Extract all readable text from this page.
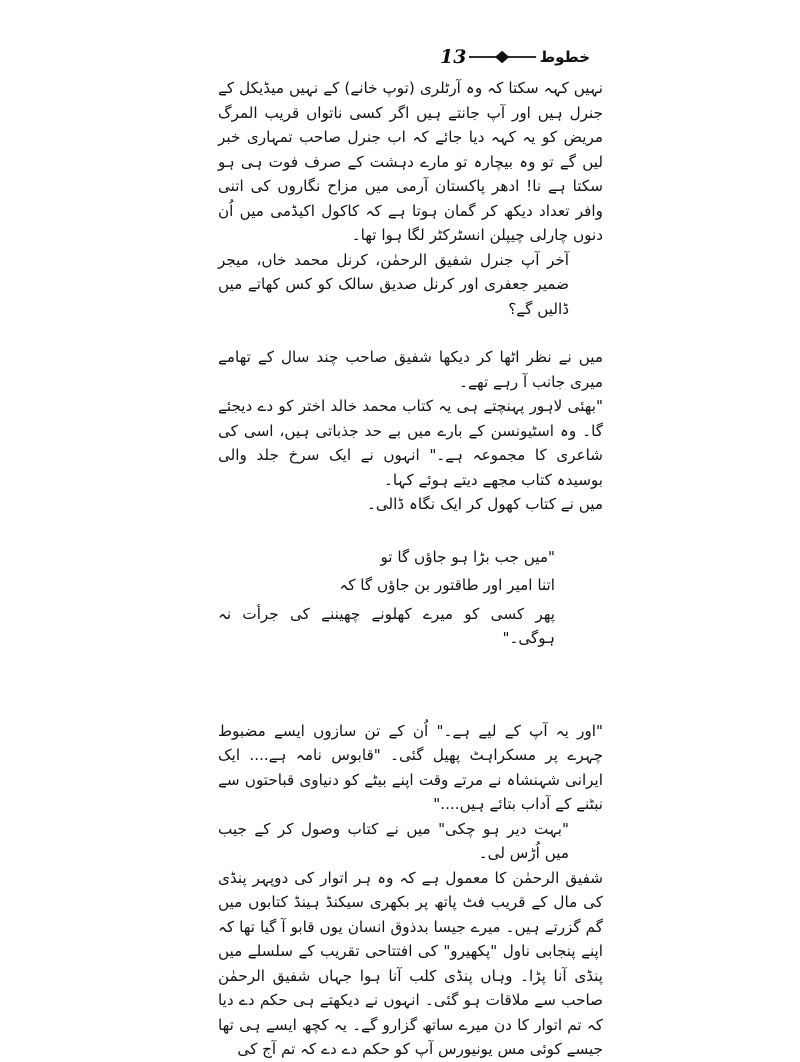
13	خطوط

نہیں کہہ سکتا کہ وہ آرٹلری (توپ خانے) کے نہیں میڈیکل کے جنرل ہیں اور آپ جانتے ہیں اگر کسی ناتواں قریب المرگ مریض کو یہ کہہ دیا جائے کہ اب جنرل صاحب تمہاری خبر لیں گے تو وہ بیچارہ تو مارے دہشت کے صرف فوت ہی ہو سکتا ہے نا! ادھر پاکستان آرمی میں مزاح نگاروں کی اتنی وافر تعداد دیکھ کر گمان ہوتا ہے کہ کاکول اکیڈمی میں اُن دنوں چارلی چیپلن انسٹرکٹر لگا ہوا تھا۔

آخر آپ جنرل شفیق الرحمٰن، کرنل محمد خاں، میجر ضمیر جعفری اور کرنل صدیق سالک کو کس کھاتے میں ڈالیں گے؟

میں نے نظر اٹھا کر دیکھا شفیق صاحب چند سال کے تھامے میری جانب آ رہے تھے۔

"بھئی لاہور پہنچتے ہی یہ کتاب محمد خالد اختر کو دے دیجئے گا۔ وہ اسٹیونسن کے بارے میں بے حد جذباتی ہیں، اسی کی شاعری کا مجموعہ ہے۔" انہوں نے ایک سرخ جلد والی بوسیدہ کتاب مجھے دیتے ہوئے کہا۔

میں نے کتاب کھول کر ایک نگاہ ڈالی۔

"میں جب بڑا ہو جاؤں گا تو
اتنا امیر اور طاقتور بن جاؤں گا کہ
پھر کسی کو میرے کھلونے چھیننے کی جرأت نہ ہوگی۔"

"اور یہ آپ کے لیے ہے۔" اُن کے تن سازوں ایسے مضبوط چہرے پر مسکراہٹ پھیل گئی۔ "قابوس نامہ ہے.... ایک ایرانی شہنشاہ نے مرتے وقت اپنے بیٹے کو دنیاوی قباحتوں سے نبٹنے کے آداب بتائے ہیں...."

"بہت دیر ہو چکی" میں نے کتاب وصول کر کے جیب میں اُڑس لی۔

شفیق الرحمٰن کا معمول ہے کہ وہ ہر اتوار کی دوپہر پنڈی کی مال کے قریب فٹ پاتھ پر بکھری سیکنڈ ہینڈ کتابوں میں گم گزرتے ہیں۔ میرے جیسا بدذوق انسان یوں قابو آ گیا تھا کہ اپنے پنجابی ناول "پکھیرو" کی افتتاحی تقریب کے سلسلے میں پنڈی آنا پڑا۔ وہاں پنڈی کلب آنا ہوا جہاں شفیق الرحمٰن صاحب سے ملاقات ہو گئی۔ انہوں نے دیکھتے ہی حکم دے دیا کہ تم اتوار کا دن میرے ساتھ گزارو گے۔ یہ کچھ ایسے ہی تھا جیسے کوئی مس یونیورس آپ کو حکم دے دے کہ تم آج کی
